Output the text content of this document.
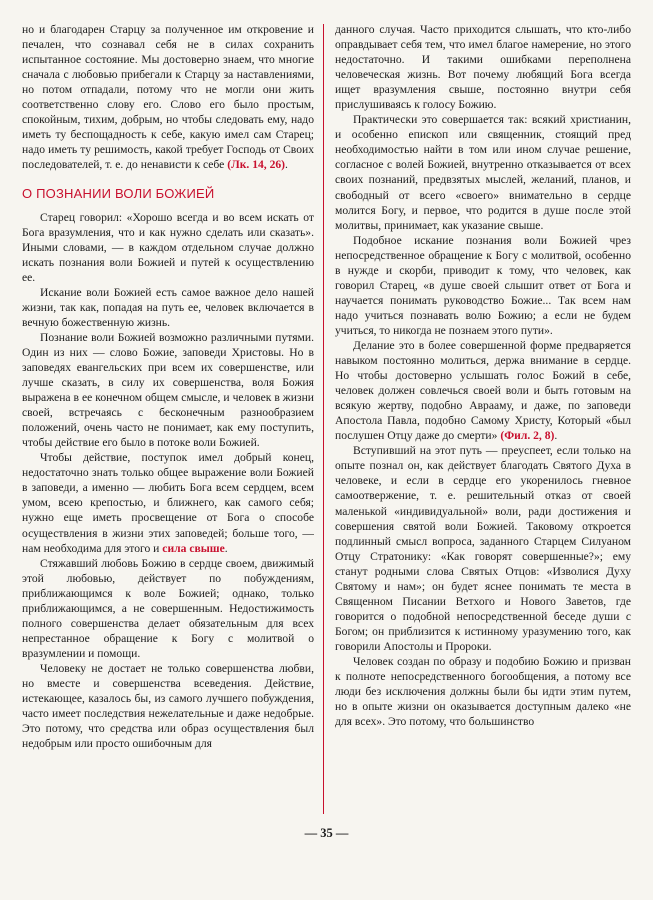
но и благодарен Старцу за полученное им откровение и печален, что сознавал себя не в силах сохранить испытанное состояние. Мы достоверно знаем, что многие сначала с любовью прибегали к Старцу за наставлениями, но потом отпадали, потому что не могли они жить соответственно слову его. Слово его было простым, спокойным, тихим, добрым, но чтобы следовать ему, надо иметь ту беспощадность к себе, какую имел сам Старец; надо иметь ту решимость, какой требует Господь от Своих последователей, т. е. до ненависти к себе (Лк. 14, 26).

О ПОЗНАНИИ ВОЛИ БОЖИЕЙ

Старец говорил: «Хорошо всегда и во всем искать от Бога вразумления, что и как нужно сделать или сказать». Иными словами, — в каждом отдельном случае должно искать познания воли Божией и путей к осуществлению ее.

Искание воли Божией есть самое важное дело нашей жизни, так как, попадая на путь ее, человек включается в вечную божественную жизнь.

Познание воли Божией возможно различными путями. Один из них — слово Божие, заповеди Христовы. Но в заповедях евангельских при всем их совершенстве, или лучше сказать, в силу их совершенства, воля Божия выражена в ее конечном общем смысле, и человек в жизни своей, встречаясь с бесконечным разнообразием положений, очень часто не понимает, как ему поступить, чтобы действие его было в потоке воли Божией.

Чтобы действие, поступок имел добрый конец, недостаточно знать только общее выражение воли Божией в заповеди, а именно — любить Бога всем сердцем, всем умом, всею крепостью, и ближнего, как самого себя; нужно еще иметь просвещение от Бога о способе осуществления в жизни этих заповедей; больше того, — нам необходима для этого и сила свыше.

Стяжавший любовь Божию в сердце своем, движимый этой любовью, действует по побуждениям, приближающимся к воле Божией; однако, только приближающимся, а не совершенным. Недостижимость полного совершенства делает обязательным для всех непрестанное обращение к Богу с молитвой о вразумлении и помощи.

Человеку не достает не только совершенства любви, но вместе и совершенства всеведения. Действие, истекающее, казалось бы, из самого лучшего побуждения, часто имеет последствия нежелательные и даже недобрые. Это потому, что средства или образ осуществления был недобрым или просто ошибочным для

данного случая. Часто приходится слышать, что кто-либо оправдывает себя тем, что имел благое намерение, но этого недостаточно. И такими ошибками переполнена человеческая жизнь. Вот почему любящий Бога всегда ищет вразумления свыше, постоянно внутри себя прислушиваясь к голосу Божию.

Практически это совершается так: всякий христианин, и особенно епископ или священник, стоящий пред необходимостью найти в том или ином случае решение, согласное с волей Божией, внутренно отказывается от всех своих познаний, предвзятых мыслей, желаний, планов, и свободный от всего «своего» внимательно в сердце молится Богу, и первое, что родится в душе после этой молитвы, принимает, как указание свыше.

Подобное искание познания воли Божией чрез непосредственное обращение к Богу с молитвой, особенно в нужде и скорби, приводит к тому, что человек, как говорил Старец, «в душе своей слышит ответ от Бога и научается понимать руководство Божие... Так всем нам надо учиться познавать волю Божию; а если не будем учиться, то никогда не познаем этого пути».

Делание это в более совершенной форме предваряется навыком постоянно молиться, держа внимание в сердце. Но чтобы достоверно услышать голос Божий в себе, человек должен совлечься своей воли и быть готовым на всякую жертву, подобно Аврааму, и даже, по заповеди Апостола Павла, подобно Самому Христу, Который «был послушен Отцу даже до смерти» (Фил. 2, 8).

Вступивший на этот путь — преуспеет, если только на опыте познал он, как действует благодать Святого Духа в человеке, и если в сердце его укоренилось гневное самоотвержение, т. е. решительный отказ от своей маленькой «индивидуальной» воли, ради достижения и совершения святой воли Божией. Таковому откроется подлинный смысл вопроса, заданного Старцем Силуаном Отцу Стратонику: «Как говорят совершенные?»; ему станут родными слова Святых Отцов: «Изволися Духу Святому и нам»; он будет яснее понимать те места в Священном Писании Ветхого и Нового Заветов, где говорится о подобной непосредственной беседе души с Богом; он приблизится к истинному уразумению того, как говорили Апостолы и Пророки.

Человек создан по образу и подобию Божию и призван к полноте непосредственного богообщения, а потому все люди без исключения должны были бы идти этим путем, но в опыте жизни он оказывается доступным далеко «не для всех». Это потому, что большинство

— 35 —
